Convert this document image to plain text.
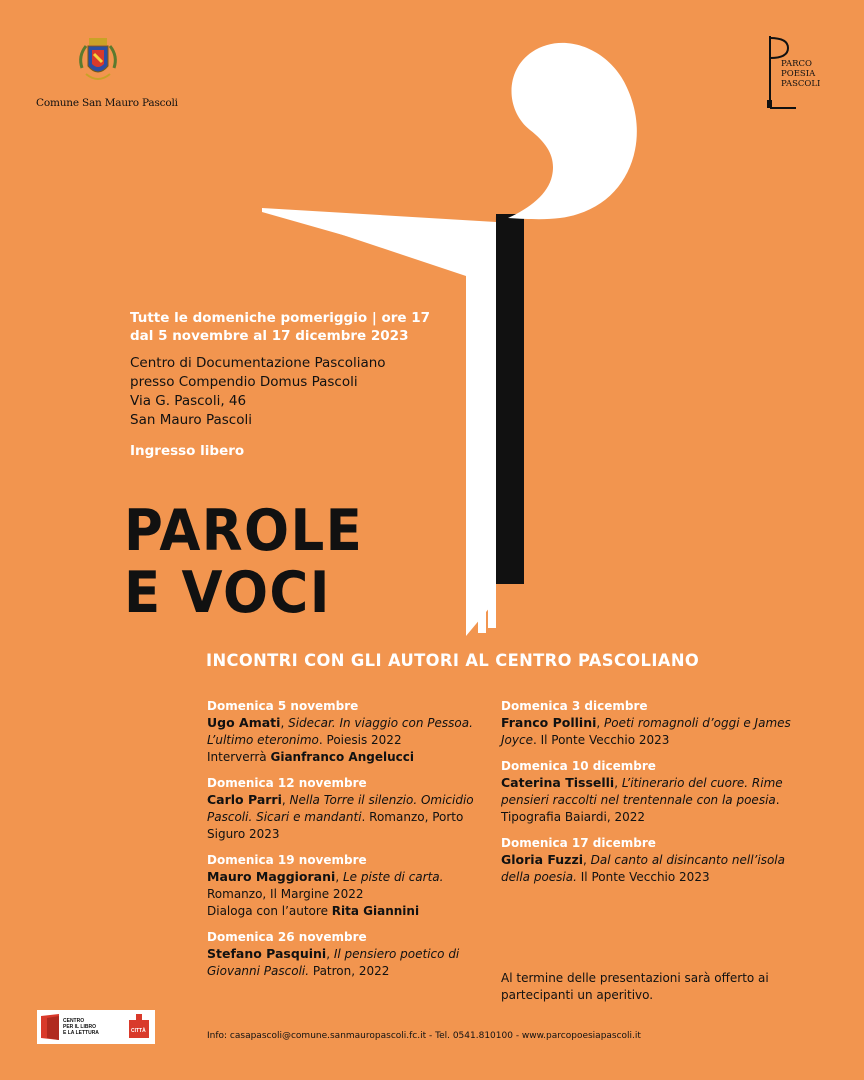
Comune San Mauro Pascoli
PARCO
POESIA
PASCOLI
Tutte le domeniche pomeriggio | ore 17
dal 5 novembre al 17 dicembre 2023
Centro di Documentazione Pascoliano
presso Compendio Domus Pascoli
Via G. Pascoli, 46
San Mauro Pascoli
Ingresso libero
PAROLE
E VOCI
INCONTRI CON GLI AUTORI AL CENTRO PASCOLIANO
Domenica 5 novembre
Ugo Amati, Sidecar. In viaggio con Pessoa. L’ultimo eteronimo. Poiesis 2022
Interverrà Gianfranco Angelucci
Domenica 12 novembre
Carlo Parri, Nella Torre il silenzio. Omicidio Pascoli. Sicari e mandanti. Romanzo, Porto Siguro 2023
Domenica 19 novembre
Mauro Maggiorani, Le piste di carta. Romanzo, Il Margine 2022
Dialoga con l’autore Rita Giannini
Domenica 26 novembre
Stefano Pasquini, Il pensiero poetico di Giovanni Pascoli. Patron, 2022
Domenica 3 dicembre
Franco Pollini, Poeti romagnoli d’oggi e James Joyce. Il Ponte Vecchio 2023
Domenica 10 dicembre
Caterina Tisselli, L’itinerario del cuore. Rime pensieri raccolti nel trentennale con la poesia. Tipografia Baiardi, 2022
Domenica 17 dicembre
Gloria Fuzzi, Dal canto al disincanto nell’isola della poesia. Il Ponte Vecchio 2023
Al termine delle presentazioni sarà offerto ai partecipanti un aperitivo.
CENTRO
PER IL LIBRO
E LA LETTURA	CITTÀ	Info: casapascoli@comune.sanmauropascoli.fc.it - Tel. 0541.810100 - www.parcopoesiapascoli.it
